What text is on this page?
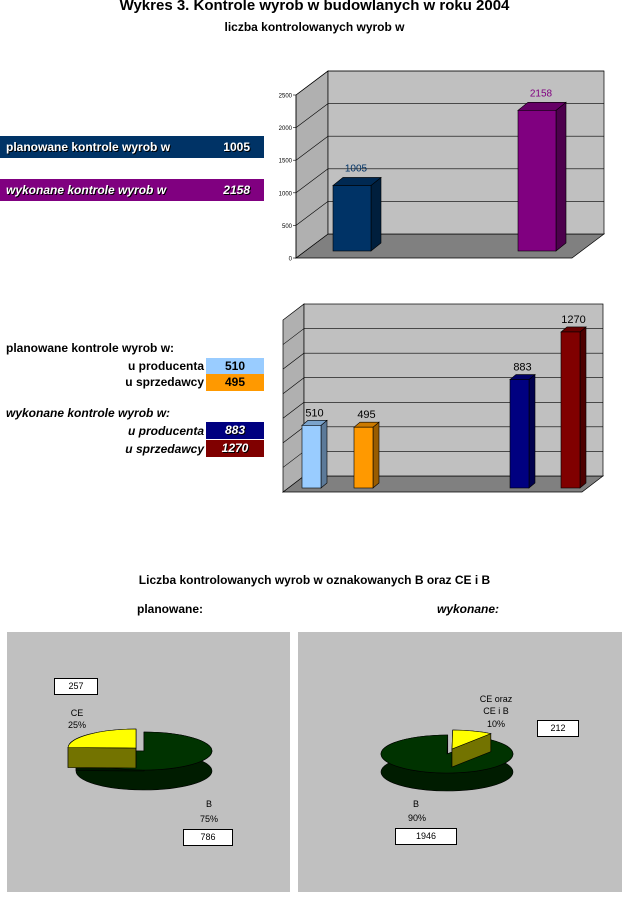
Wykres 3. Kontrole wyrob w budowlanych w roku 2004
liczba kontrolowanych wyrob w
planowane kontrole wyrob w	1005
wykonane kontrole wyrob w	2158
0
500
1000
1500
2000
2500
1005
2158
planowane kontrole wyrob w:
u producenta	510
u sprzedawcy	495
wykonane kontrole wyrob w:
u producenta	883
u sprzedawcy	1270
510	495
883
1270
Liczba kontrolowanych wyrob w oznakowanych B oraz CE i B
planowane:	wykonane:
257
CE
25%
B
75%
786
CE oraz
CE i B
10%	212
B
90%
1946
